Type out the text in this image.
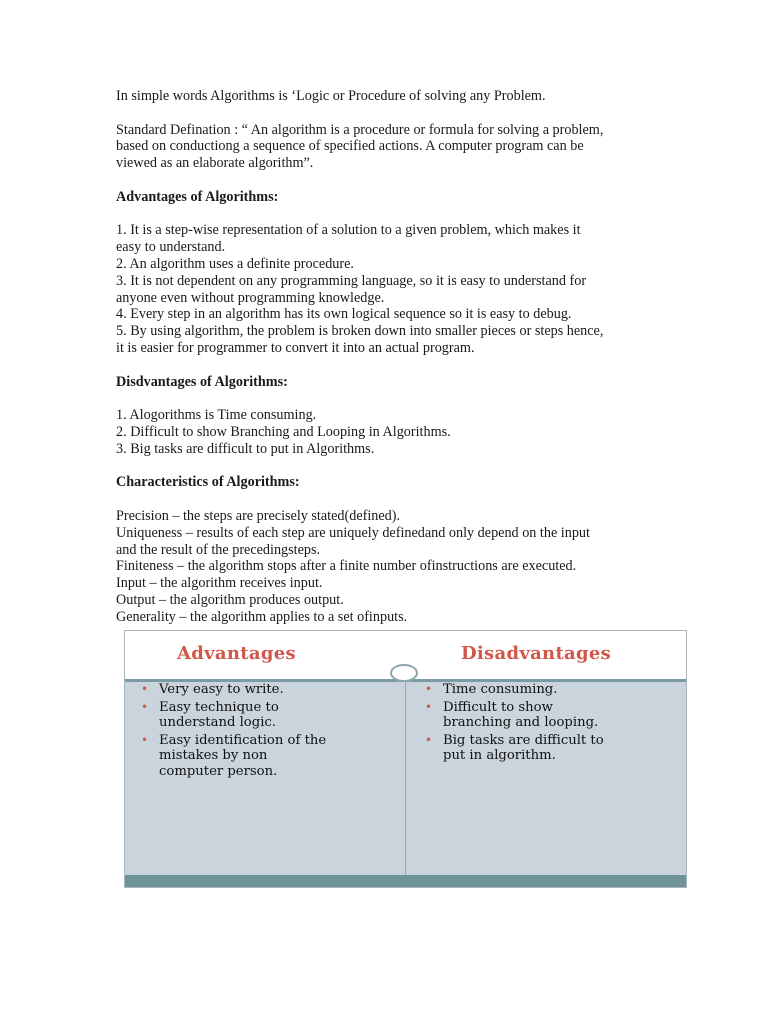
In simple words Algorithms is ‘Logic or Procedure of solving any Problem.

Standard Defination : “ An algorithm is a procedure or formula for solving a problem,

based on conductiong a sequence of specified actions. A computer program can be

viewed as an elaborate algorithm”.

Advantages of Algorithms:

1. It is a step-wise representation of a solution to a given problem, which makes it

easy to understand.

2. An algorithm uses a definite procedure.

3. It is not dependent on any programming language, so it is easy to understand for

anyone even without programming knowledge.

4. Every step in an algorithm has its own logical sequence so it is easy to debug.

5. By using algorithm, the problem is broken down into smaller pieces or steps hence,

it is easier for programmer to convert it into an actual program.

Disdvantages of Algorithms:

1. Alogorithms is Time consuming.

2. Difficult to show Branching and Looping in Algorithms.

3. Big tasks are difficult to put in Algorithms.

Characteristics of Algorithms:

Precision – the steps are precisely stated(defined).

Uniqueness – results of each step are uniquely definedand only depend on the input

and the result of the precedingsteps.

Finiteness – the algorithm stops after a finite number ofinstructions are executed.

Input – the algorithm receives input.

Output – the algorithm produces output.

Generality – the algorithm applies to a set ofinputs.

Advantages	Disadvantages
• Very easy to write.
• Easy technique to
understand logic.
• Easy identification of the
mistakes by non
computer person.
• Time consuming.
• Difficult to show
branching and looping.
• Big tasks are difficult to
put in algorithm.
